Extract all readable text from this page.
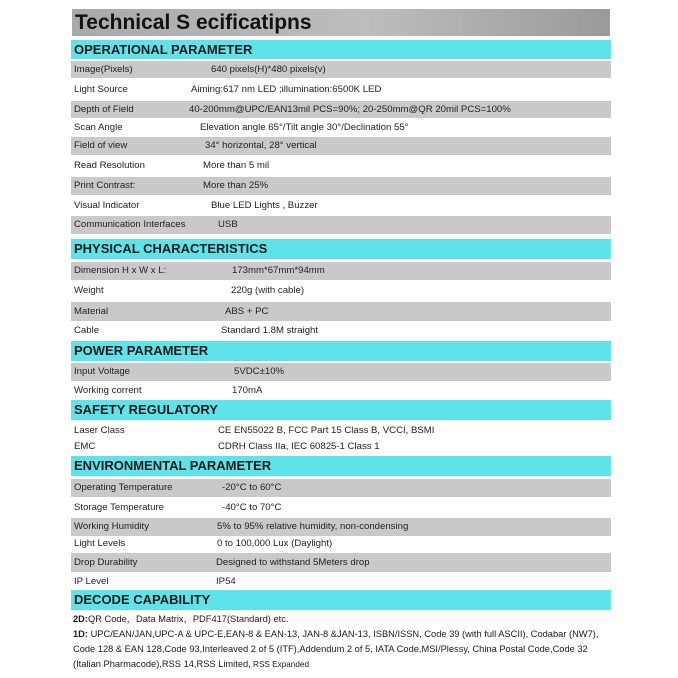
Technical S ecificatipns
OPERATIONAL PARAMETER
Image(Pixels)	640 pixels(H)*480 pixels(v)
Light Source	Aiming:617 nm LED ;illumination:6500K LED
Depth of Field	40-200mm@UPC/EAN13mil PCS=90%; 20-250mm@QR 20mil PCS=100%
Scan Angle	Elevation angle 65°/Tilt angle 30°/Declination 55°
Field of view	34° horizontal, 28° vertical
Read Resolution	More than 5 mil
Print Contrast:	More than 25%
Visual Indicator	Blue LED Lights , Buzzer
Communication Interfaces	USB
PHYSICAL CHARACTERISTICS
Dimension H x W x L:	173mm*67mm*94mm
Weight	220g (with cable)
Material	ABS + PC
Cable	Standard 1.8M straight
POWER PARAMETER
Input Voltage	5VDC±10%
Working corrent	170mA
SAFETY REGULATORY
Laser Class	CE EN55022 B, FCC Part 15 Class B, VCCI, BSMI
EMC	CDRH Class IIa, IEC 60825-1 Class 1
ENVIRONMENTAL PARAMETER
Operating Temperature	-20°C to 60°C
Storage Temperature	-40°C to 70°C
Working Humidity	5% to 95% relative humidity, non-condensing
Light Levels	0 to 100,000 Lux (Daylight)
Drop Durability	Designed to withstand 5Meters drop
IP Level	IP54
DECODE CAPABILITY
2D:QR Code，Data Matrix，PDF417(Standard) etc.
1D: UPC/EAN/JAN,UPC-A & UPC-E,EAN-8 & EAN-13, JAN-8 &JAN-13, ISBN/ISSN, Code 39 (with full ASCII), Codabar (NW7), Code 128 & EAN 128,Code 93,Interleaved 2 of 5 (ITF),Addendum 2 of 5, IATA Code,MSI/Plessy, China Postal Code,Code 32 (Italian Pharmacode),RSS 14,RSS Limited, RSS Expanded
